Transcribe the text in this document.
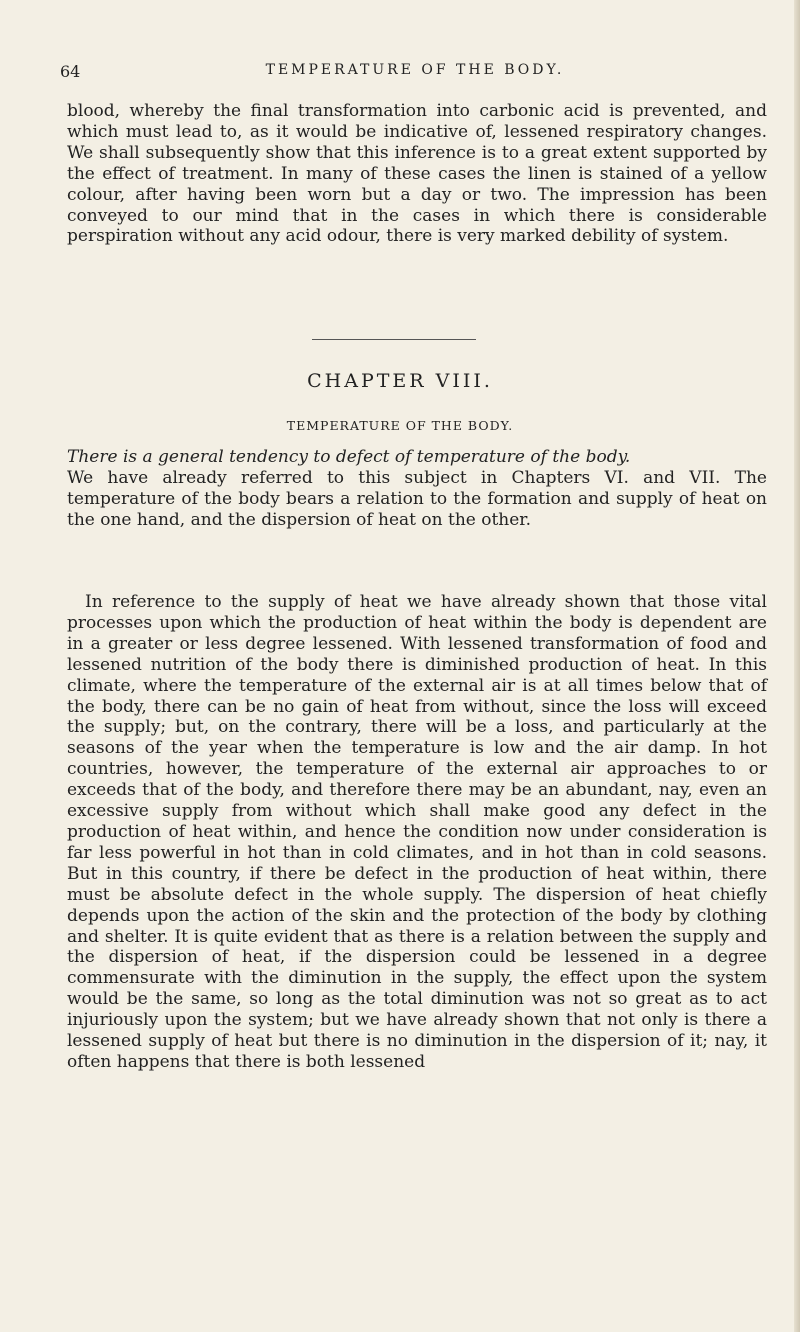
64	TEMPERATURE OF THE BODY.

blood, whereby the final transformation into carbonic acid is prevented, and which must lead to, as it would be indicative of, lessened respiratory changes. We shall subsequently show that this inference is to a great extent supported by the effect of treatment. In many of these cases the linen is stained of a yellow colour, after having been worn but a day or two. The impression has been conveyed to our mind that in the cases in which there is considerable perspiration without any acid odour, there is very marked debility of system.

CHAPTER VIII.
TEMPERATURE OF THE BODY.

There is a general tendency to defect of temperature of the body.
We have already referred to this subject in Chapters VI. and VII. The temperature of the body bears a relation to the formation and supply of heat on the one hand, and the dispersion of heat on the other.

In reference to the supply of heat we have already shown that those vital processes upon which the production of heat within the body is dependent are in a greater or less degree lessened. With lessened transformation of food and lessened nutrition of the body there is diminished production of heat. In this climate, where the temperature of the external air is at all times below that of the body, there can be no gain of heat from without, since the loss will exceed the supply; but, on the contrary, there will be a loss, and particularly at the seasons of the year when the temperature is low and the air damp. In hot countries, however, the temperature of the external air approaches to or exceeds that of the body, and therefore there may be an abundant, nay, even an excessive supply from without which shall make good any defect in the production of heat within, and hence the condition now under consideration is far less powerful in hot than in cold climates, and in hot than in cold seasons. But in this country, if there be defect in the production of heat within, there must be absolute defect in the whole supply. The dispersion of heat chiefly depends upon the action of the skin and the protection of the body by clothing and shelter. It is quite evident that as there is a relation between the supply and the dispersion of heat, if the dispersion could be lessened in a degree commensurate with the diminution in the supply, the effect upon the system would be the same, so long as the total diminution was not so great as to act injuriously upon the system; but we have already shown that not only is there a lessened supply of heat but there is no diminution in the dispersion of it; nay, it often happens that there is both lessened
